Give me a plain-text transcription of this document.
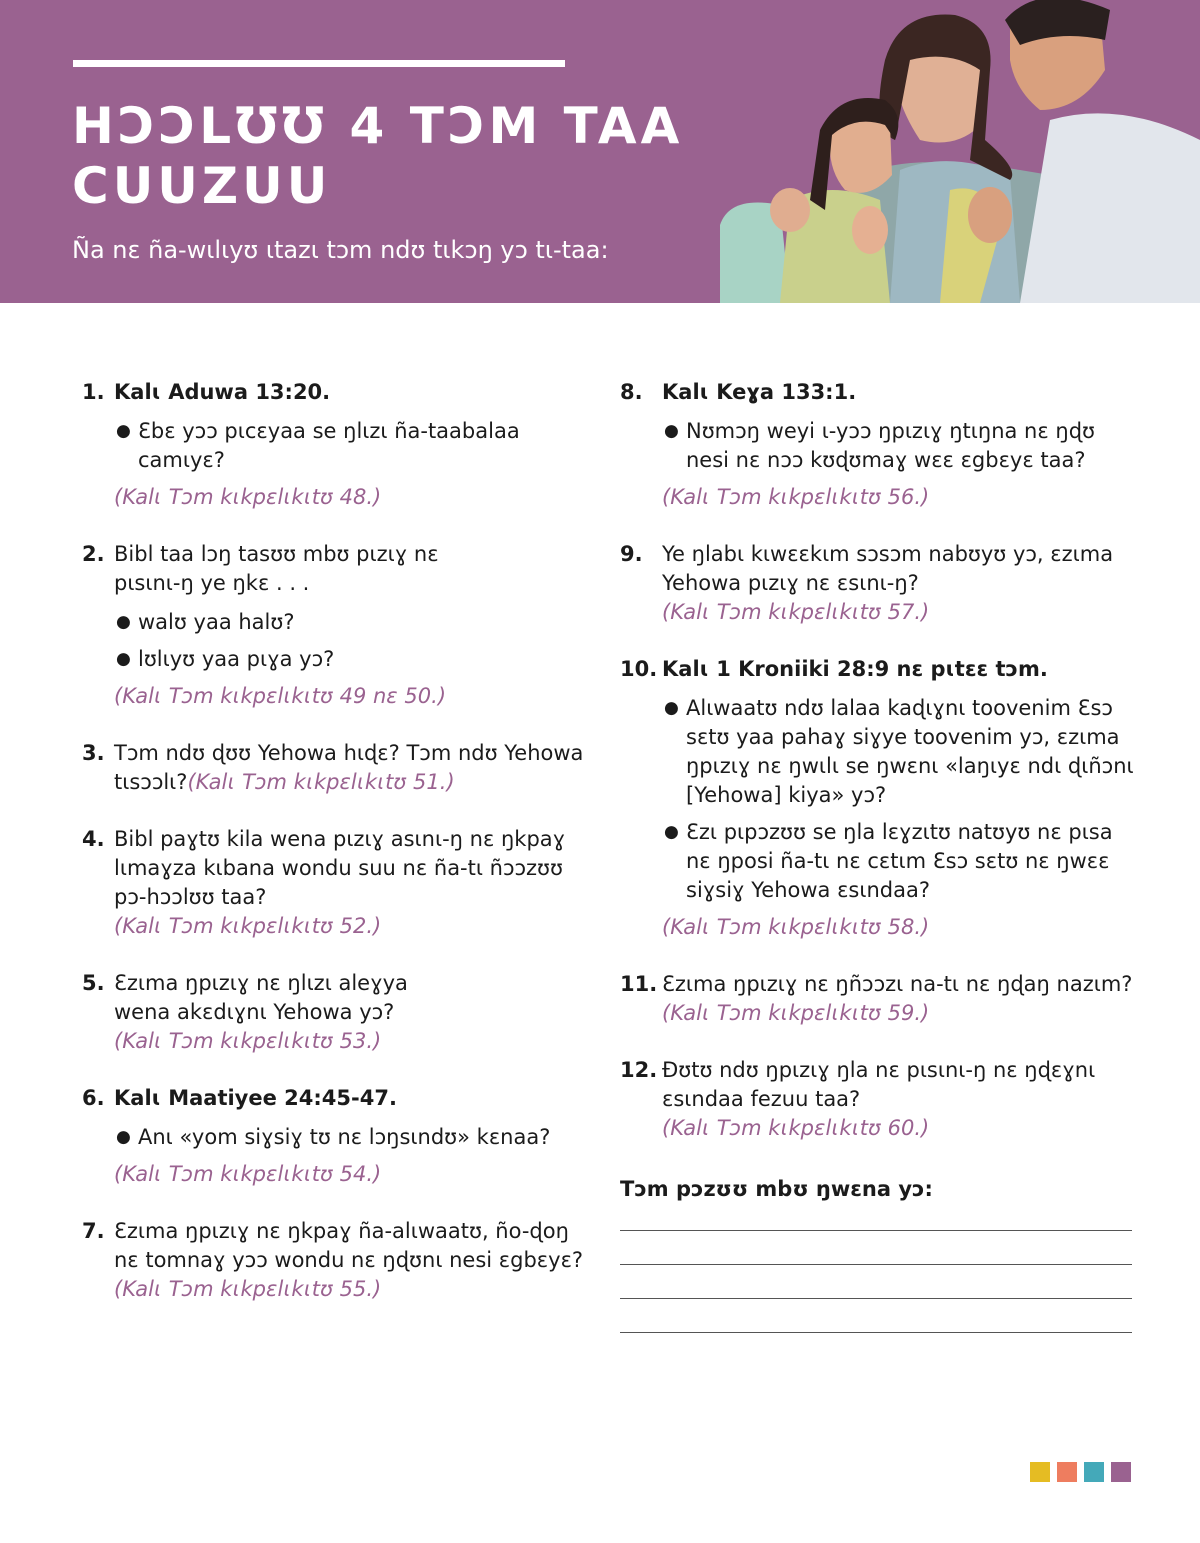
HƆƆLƱƱ 4 TƆM TAA
CUUZUU
Ña nɛ ña-wɩlɩyʊ ɩtazɩ tɔm ndʊ tɩkɔŋ yɔ tɩ-taa:
1. Kalɩ Aduwa 13:20.
● Ɛbɛ yɔɔ pɩcɛyaa se ŋlɩzɩ ña-taabalaa camɩyɛ?
(Kalɩ Tɔm kɩkpɛlɩkɩtʊ 48.)
2. Bibl taa lɔŋ tasʊʊ mbʊ pɩzɩɣ nɛ pɩsɩnɩ-ŋ ye ŋkɛ . . .
● walʊ yaa halʊ?
● lʊlɩyʊ yaa pɩɣa yɔ?
(Kalɩ Tɔm kɩkpɛlɩkɩtʊ 49 nɛ 50.)
3. Tɔm ndʊ ɖʊʊ Yehowa hɩɖɛ? Tɔm ndʊ Yehowa tɩsɔɔlɩ?(Kalɩ Tɔm kɩkpɛlɩkɩtʊ 51.)
4. Bibl paɣtʊ kila wena pɩzɩɣ asɩnɩ-ŋ nɛ ŋkpaɣ lɩmaɣza kɩbana wondu suu nɛ ña-tɩ ñɔɔzʊʊ pɔ-hɔɔlʊʊ taa?
(Kalɩ Tɔm kɩkpɛlɩkɩtʊ 52.)
5. Ɛzɩma ŋpɩzɩɣ nɛ ŋlɩzɩ aleɣya wena akɛdɩɣnɩ Yehowa yɔ?
(Kalɩ Tɔm kɩkpɛlɩkɩtʊ 53.)
6. Kalɩ Maatiyee 24:45-47.
● Anɩ «yom siɣsiɣ tʊ nɛ lɔŋsɩndʊ» kɛnaa?
(Kalɩ Tɔm kɩkpɛlɩkɩtʊ 54.)
7. Ɛzɩma ŋpɩzɩɣ nɛ ŋkpaɣ ña-alɩwaatʊ, ño-ɖoŋ nɛ tomnaɣ yɔɔ wondu nɛ ŋɖʊnɩ nesi ɛgbɛyɛ?
(Kalɩ Tɔm kɩkpɛlɩkɩtʊ 55.)
8. Kalɩ Keɣa 133:1.
● Nʊmɔŋ weyi ɩ-yɔɔ ŋpɩzɩɣ ŋtɩŋna nɛ ŋɖʊ nesi nɛ nɔɔ kʊɖʊmaɣ wɛɛ ɛgbɛyɛ taa?
(Kalɩ Tɔm kɩkpɛlɩkɩtʊ 56.)
9. Ye ŋlabɩ kɩwɛɛkɩm sɔsɔm nabʊyʊ yɔ, ɛzɩma Yehowa pɩzɩɣ nɛ ɛsɩnɩ-ŋ?
(Kalɩ Tɔm kɩkpɛlɩkɩtʊ 57.)
10. Kalɩ 1 Kroniiki 28:9 nɛ pɩtɛɛ tɔm.
● Alɩwaatʊ ndʊ lalaa kaɖɩɣnɩ toovenim Ɛsɔ sɛtʊ yaa pahaɣ siɣye toovenim yɔ, ɛzɩma ŋpɩzɩɣ nɛ ŋwɩlɩ se ŋwɛnɩ «laŋɩyɛ ndɩ ɖɩñɔnɩ [Yehowa] kiya» yɔ?
● Ɛzɩ pɩpɔzʊʊ se ŋla lɛɣzɩtʊ natʊyʊ nɛ pɩsa nɛ ŋposi ña-tɩ nɛ cɛtɩm Ɛsɔ sɛtʊ nɛ ŋwɛɛ siɣsiɣ Yehowa ɛsɩndaa?
(Kalɩ Tɔm kɩkpɛlɩkɩtʊ 58.)
11. Ɛzɩma ŋpɩzɩɣ nɛ ŋñɔɔzɩ na-tɩ nɛ ŋɖaŋ nazɩm?
(Kalɩ Tɔm kɩkpɛlɩkɩtʊ 59.)
12. Ðʊtʊ ndʊ ŋpɩzɩɣ ŋla nɛ pɩsɩnɩ-ŋ nɛ ŋɖɛɣnɩ ɛsɩndaa fezuu taa?
(Kalɩ Tɔm kɩkpɛlɩkɩtʊ 60.)
Tɔm pɔzʊʊ mbʊ ŋwɛna yɔ:
